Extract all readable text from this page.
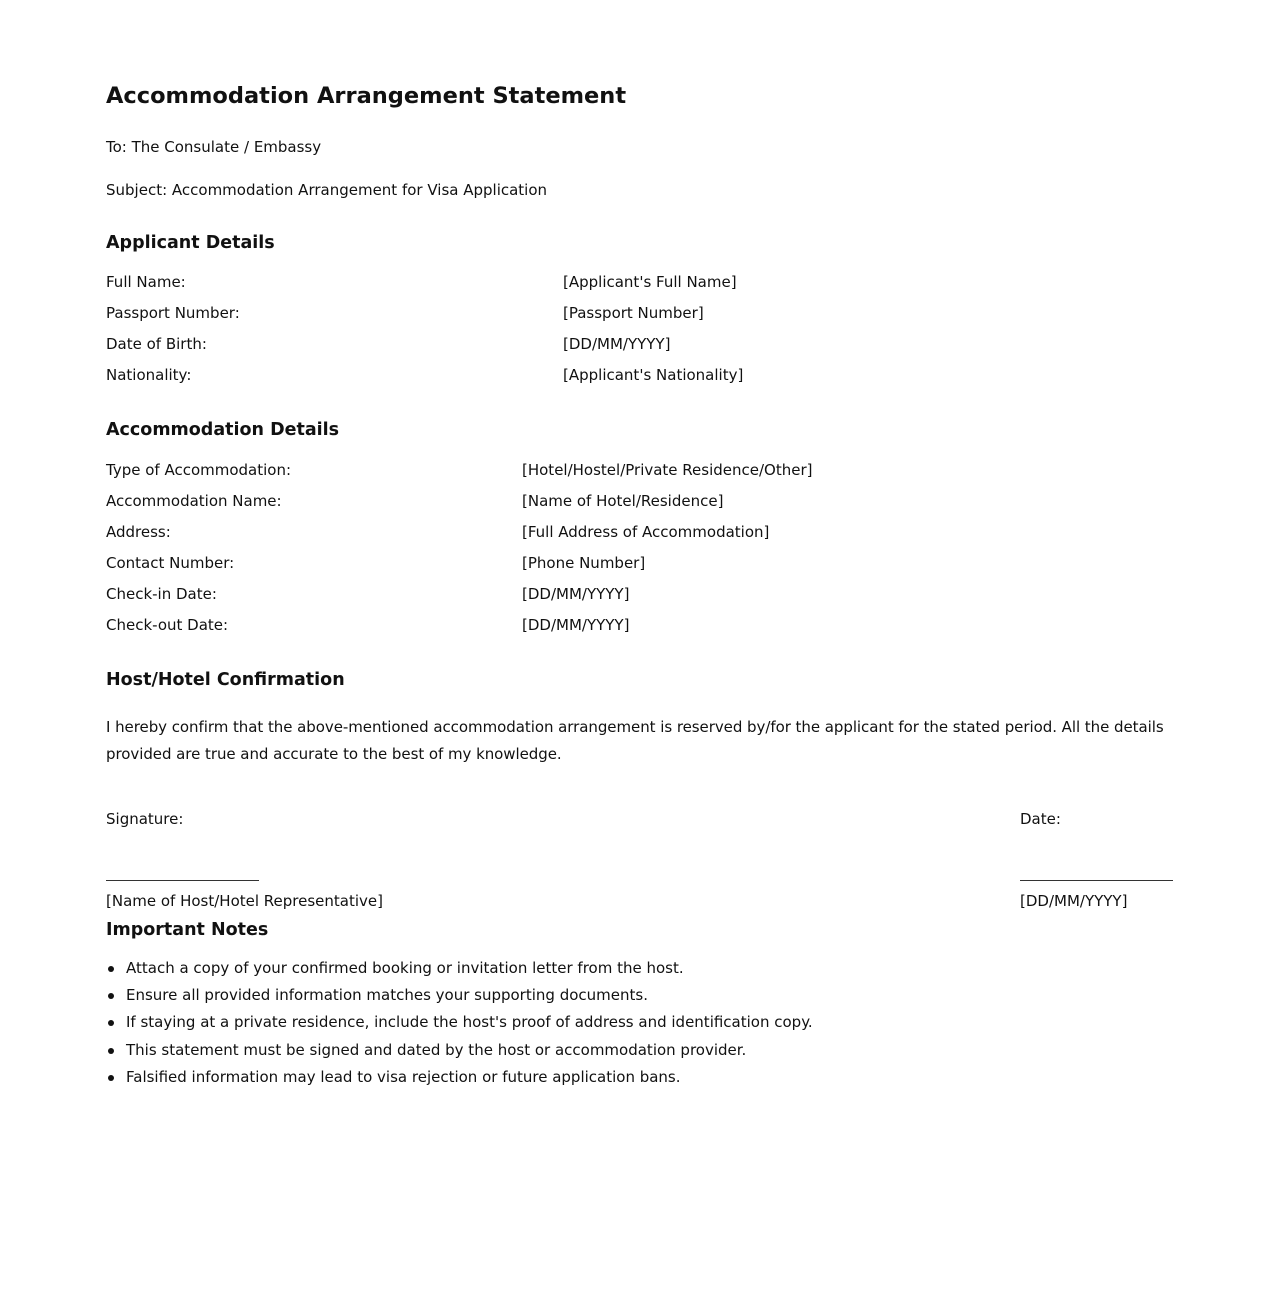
Accommodation Arrangement Statement

To: The Consulate / Embassy

Subject: Accommodation Arrangement for Visa Application

Applicant Details
Full Name:	[Applicant's Full Name]
Passport Number:	[Passport Number]
Date of Birth:	[DD/MM/YYYY]
Nationality:	[Applicant's Nationality]
Accommodation Details
Type of Accommodation:	[Hotel/Hostel/Private Residence/Other]
Accommodation Name:	[Name of Hotel/Residence]
Address:	[Full Address of Accommodation]
Contact Number:	[Phone Number]
Check-in Date:	[DD/MM/YYYY]
Check-out Date:	[DD/MM/YYYY]
Host/Hotel Confirmation

I hereby confirm that the above-mentioned accommodation arrangement is reserved by/for the applicant for the stated period. All the details provided are true and accurate to the best of my knowledge.

Signature:
[Name of Host/Hotel Representative]
Date:
[DD/MM/YYYY]
Important Notes
Attach a copy of your confirmed booking or invitation letter from the host.
Ensure all provided information matches your supporting documents.
If staying at a private residence, include the host's proof of address and identification copy.
This statement must be signed and dated by the host or accommodation provider.
Falsified information may lead to visa rejection or future application bans.
